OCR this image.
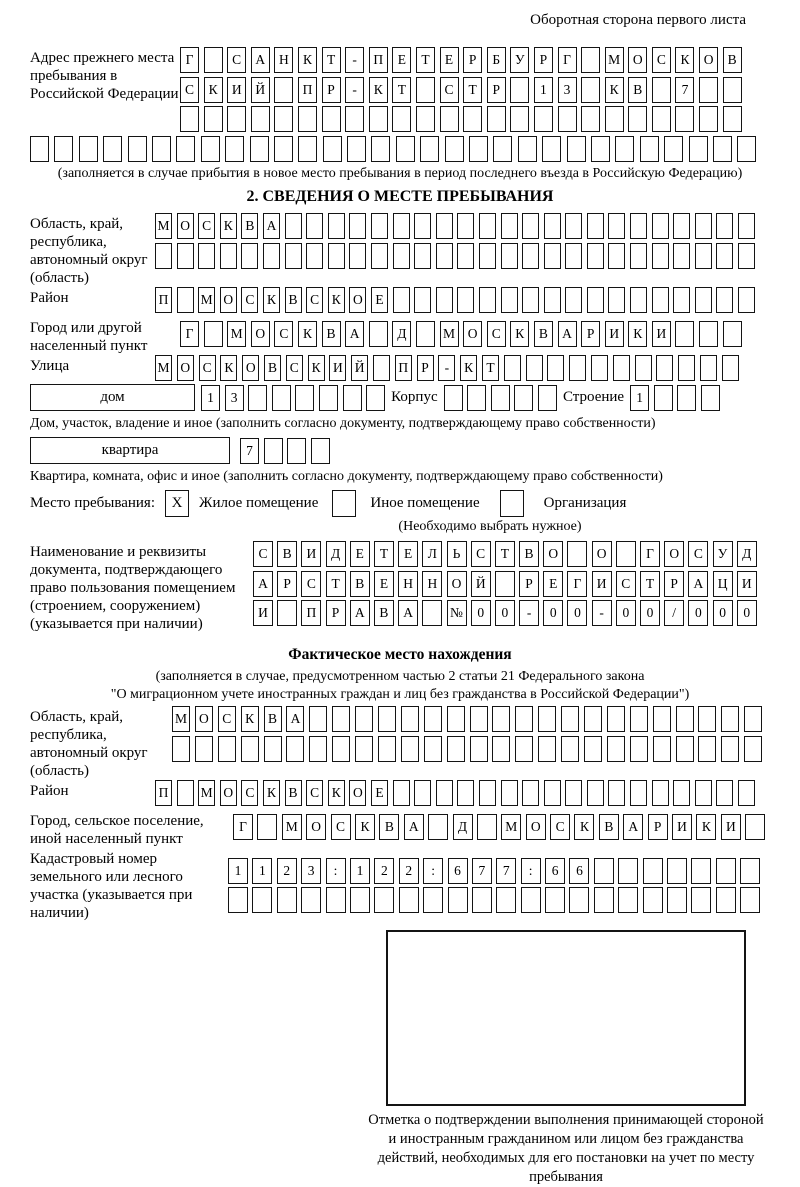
Оборотная сторона первого листа
Адрес прежнего места пребывания в Российской Федерации
Г	С	А	Н	К	Т	-	П	Е	Т	Е	Р	Б	У	Р	Г	М О	С	К	О	В
С	К	И	Й	П	Р	-	К	Т	С	Т	Р	1	3	К	В	7
(заполняется в случае прибытия в новое место пребывания в период последнего въезда в Российскую Федерацию)
2. СВЕДЕНИЯ О МЕСТЕ ПРЕБЫВАНИЯ
Область, край, республика, автономный округ (область)
М О С К В А
Район	П М О С К В С К О Е
Город или другой населенный пункт
Г	М О	С	К	В	А	Д	М О	С	К	В	А	Р	И	К	И
Улица	М О С К О В С К И Й	П Р	-	К Т
дом	1	3	Корпус	Строение 1
Дом, участок, владение и иное (заполнить согласно документу, подтверждающему право собственности)
квартира	7
Квартира, комната, офис и иное (заполнить согласно документу, подтверждающему право собственности)
Место пребывания:	X	Жилое помещение	Иное помещение	Организация
(Необходимо выбрать нужное)
Наименование и реквизиты документа, подтверждающего право пользования помещением (строением, сооружением) (указывается при наличии)
С	В	И	Д	Е	Т	Е	Л	Ь	С	Т	В	О	О	Г	О	С	У	Д
А	Р	С	Т	В	Е	Н	Н	О	Й	Р	Е	Г	И	С	Т	Р	А	Ц	И
И	П	Р	А	В	А	№	0	0	-	0	0	-	0	0	/	0	0	0
Фактическое место нахождения
(заполняется в случае, предусмотренном частью 2 статьи 21 Федерального закона
"О миграционном учете иностранных граждан и лиц без гражданства в Российской Федерации")
Область, край, республика, автономный округ (область)
М О	С	К	В	А
Район	П М О С К В С К О Е
Город, сельское поселение, иной населенный пункт
Г	М	О	С	К	В	А	Д	М	О	С	К	В	А	Р	И	К	И
Кадастровый номер земельного или лесного участка (указывается при наличии)
1	1	2	3	:	1	2	2	:	6	7	7	:	6	6
Отметка о подтверждении выполнения принимающей стороной и иностранным гражданином или лицом без гражданства действий, необходимых для его постановки на учет по месту пребывания
